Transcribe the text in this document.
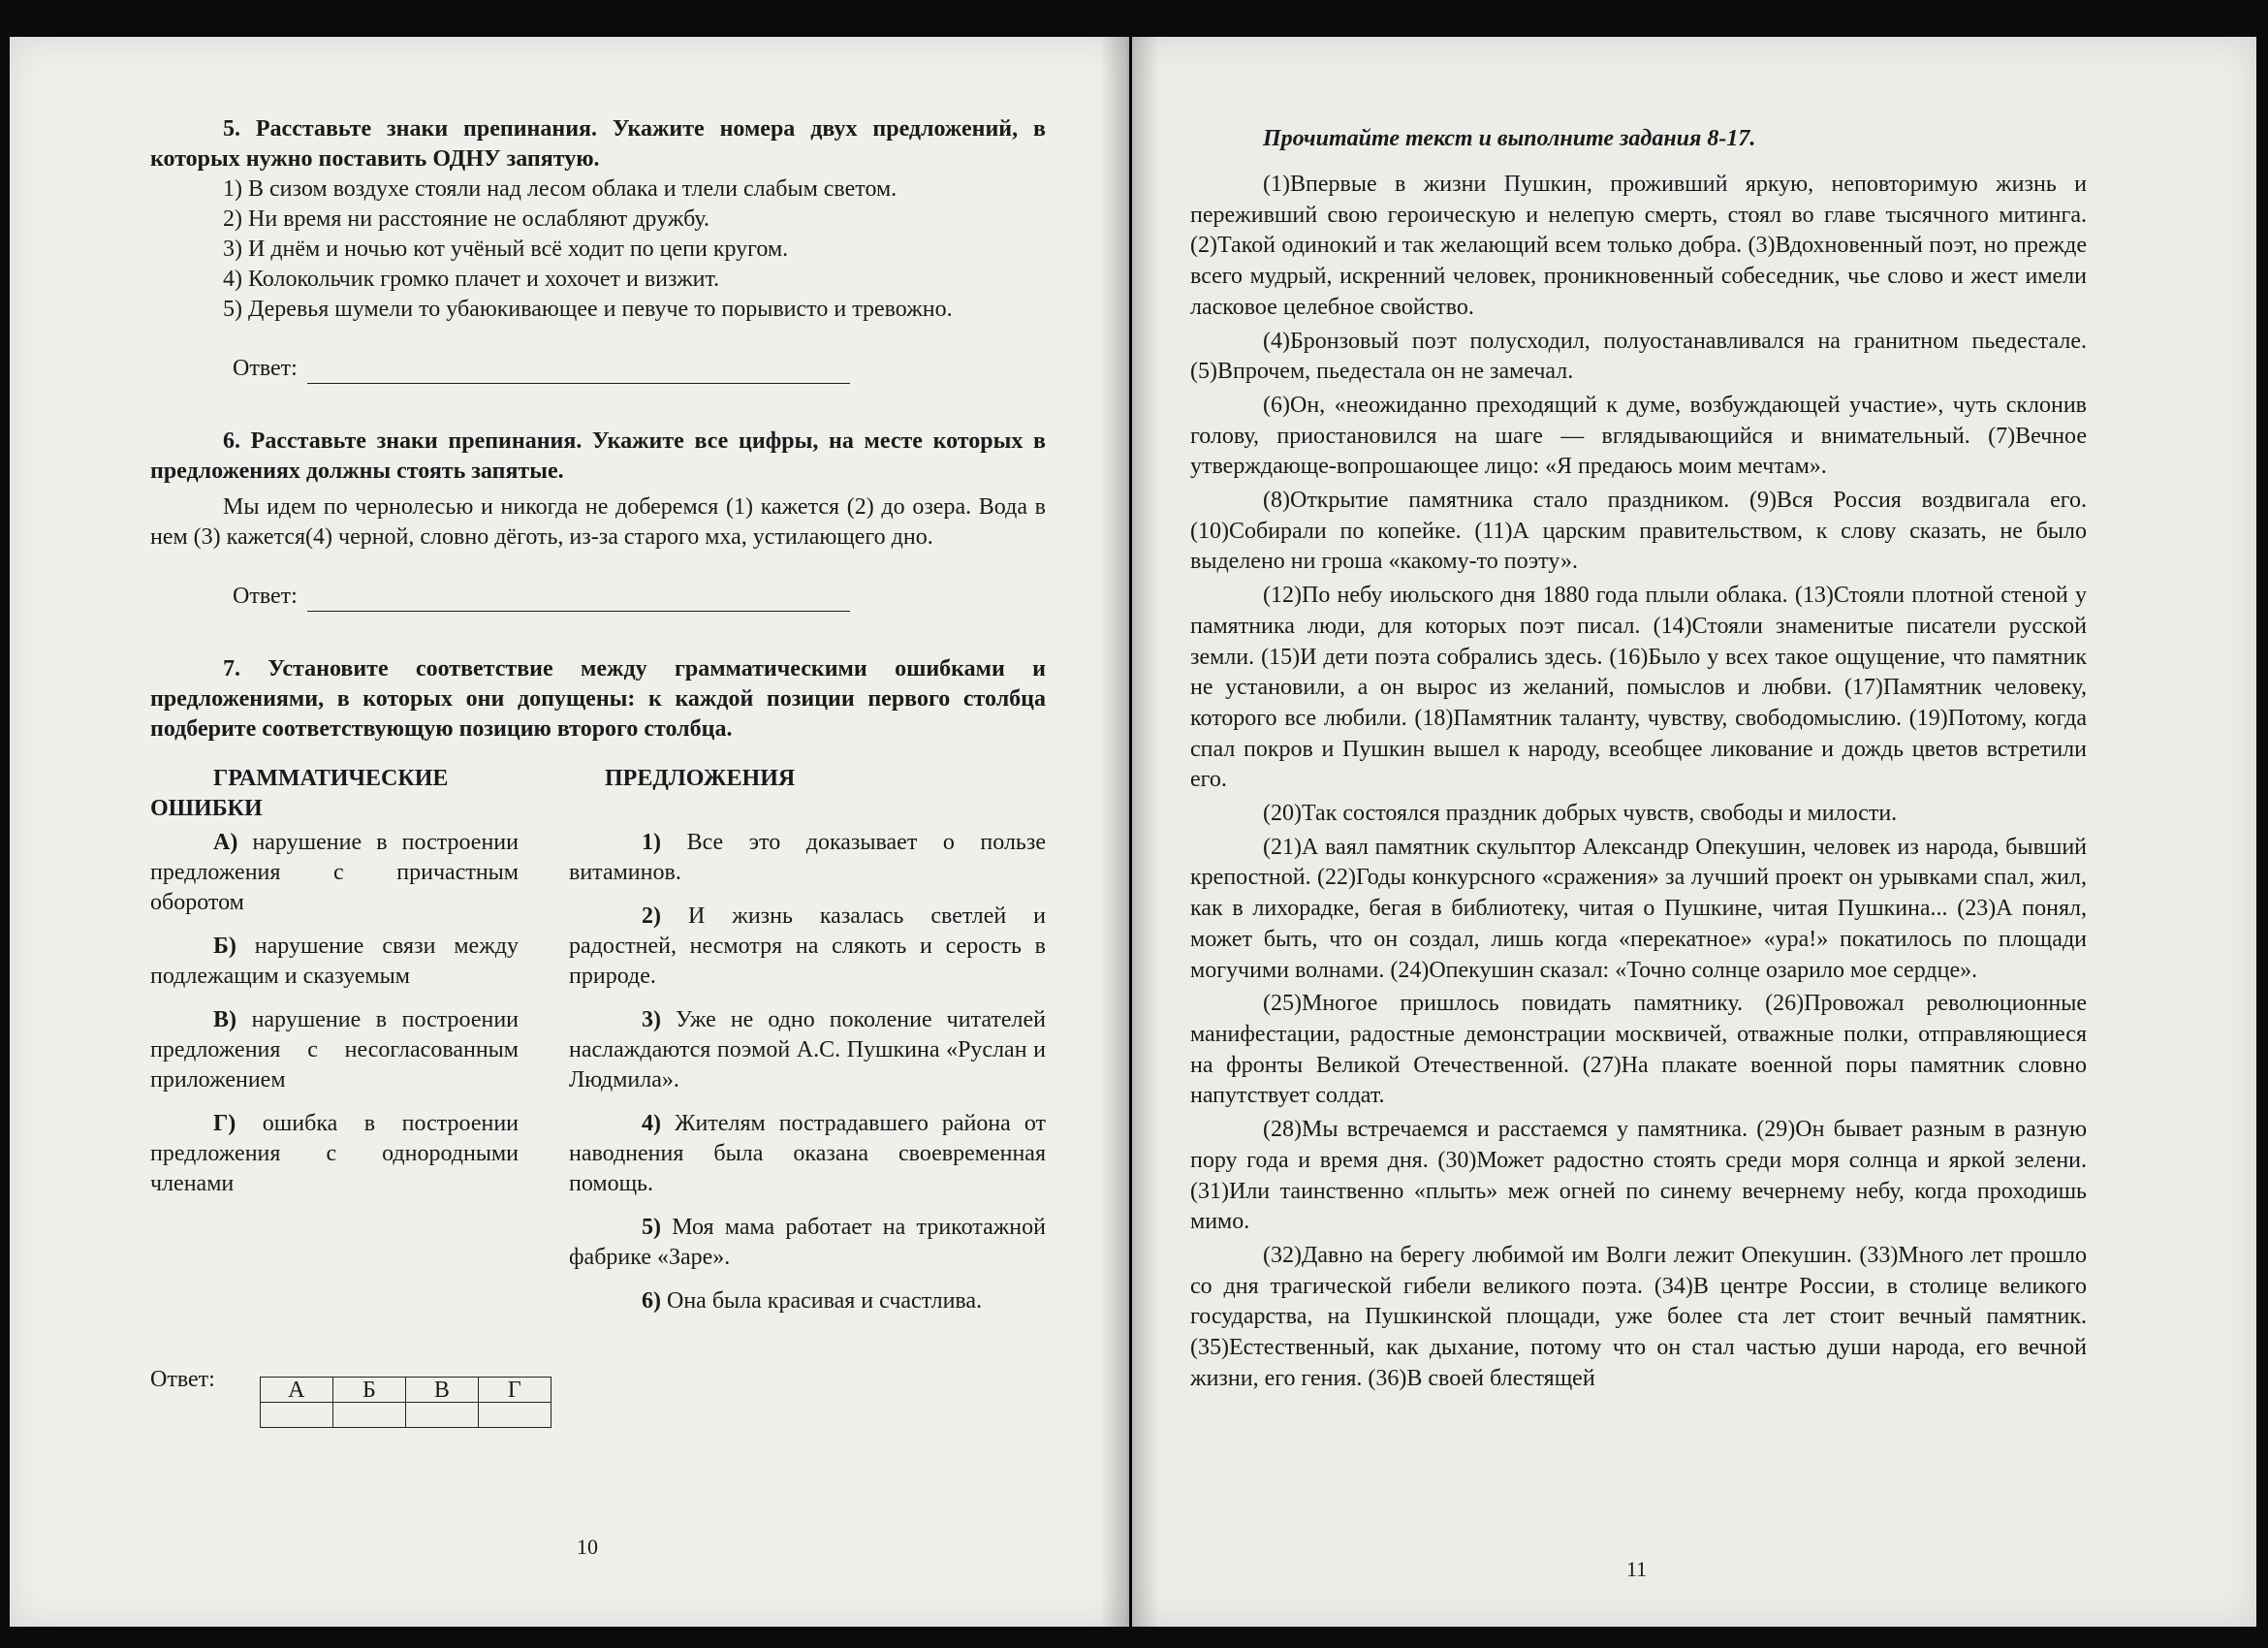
5. Расставьте знаки препинания. Укажите номера двух предложений, в которых нужно поставить ОДНУ запятую.

1) В сизом воздухе стояли над лесом облака и тлели слабым светом.

2) Ни время ни расстояние не ослабляют дружбу.

3) И днём и ночью кот учёный всё ходит по цепи кругом.

4) Колокольчик громко плачет и хохочет и визжит.

5) Деревья шумели то убаюкивающее и певуче то порывисто и тревожно.

Ответ:

6. Расставьте знаки препинания. Укажите все цифры, на месте которых в предложениях должны стоять запятые.

Мы идем по чернолесью и никогда не доберемся (1) кажется (2) до озера. Вода в нем (3) кажется(4) черной, словно дёготь, из-за старого мха, устилающего дно.

Ответ:

7. Установите соответствие между грамматическими ошибками и предложениями, в которых они допущены: к каждой позиции первого столбца подберите соответствующую позицию второго столбца.

ГРАММАТИЧЕСКИЕ ОШИБКИ

А) нарушение в построении предложения с причастным оборотом

Б) нарушение связи между подлежащим и сказуемым

В) нарушение в построении предложения с несогласованным приложением

Г) ошибка в построении предложения с однородными членами

ПРЕДЛОЖЕНИЯ

1) Все это доказывает о пользе витаминов.

2) И жизнь казалась светлей и радостней, несмотря на слякоть и серость в природе.

3) Уже не одно поколение читателей наслаждаются поэмой А.С. Пушкина «Руслан и Людмила».

4) Жителям пострадавшего района от наводнения была оказана своевременная помощь.

5) Моя мама работает на трикотажной фабрике «Заре».

6) Она была красивая и счастлива.

Ответ:	А	Б	В	Г

10

Прочитайте текст и выполните задания 8-17.

(1)Впервые в жизни Пушкин, проживший яркую, неповторимую жизнь и переживший свою героическую и нелепую смерть, стоял во главе тысячного митинга. (2)Такой одинокий и так желающий всем только добра. (3)Вдохновенный поэт, но прежде всего мудрый, искренний человек, проникновенный собеседник, чье слово и жест имели ласковое целебное свойство.

(4)Бронзовый поэт полусходил, полуостанавливался на гранитном пьедестале. (5)Впрочем, пьедестала он не замечал.

(6)Он, «неожиданно преходящий к думе, возбуждающей участие», чуть склонив голову, приостановился на шаге — вглядывающийся и внимательный. (7)Вечное утверждающе-вопрошающее лицо: «Я предаюсь моим мечтам».

(8)Открытие памятника стало праздником. (9)Вся Россия воздвигала его. (10)Собирали по копейке. (11)А царским правительством, к слову сказать, не было выделено ни гроша «какому-то поэту».

(12)По небу июльского дня 1880 года плыли облака. (13)Стояли плотной стеной у памятника люди, для которых поэт писал. (14)Стояли знаменитые писатели русской земли. (15)И дети поэта собрались здесь. (16)Было у всех такое ощущение, что памятник не установили, а он вырос из желаний, помыслов и любви. (17)Памятник человеку, которого все любили. (18)Памятник таланту, чувству, свободомыслию. (19)Потому, когда спал покров и Пушкин вышел к народу, всеобщее ликование и дождь цветов встретили его.

(20)Так состоялся праздник добрых чувств, свободы и милости.

(21)А ваял памятник скульптор Александр Опекушин, человек из народа, бывший крепостной. (22)Годы конкурсного «сражения» за лучший проект он урывками спал, жил, как в лихорадке, бегая в библиотеку, читая о Пушкине, читая Пушкина... (23)А понял, может быть, что он создал, лишь когда «перекатное» «ура!» покатилось по площади могучими волнами. (24)Опекушин сказал: «Точно солнце озарило мое сердце».

(25)Многое пришлось повидать памятнику. (26)Провожал революционные манифестации, радостные демонстрации москвичей, отважные полки, отправляющиеся на фронты Великой Отечественной. (27)На плакате военной поры памятник словно напутствует солдат.

(28)Мы встречаемся и расстаемся у памятника. (29)Он бывает разным в разную пору года и время дня. (30)Может радостно стоять среди моря солнца и яркой зелени. (31)Или таинственно «плыть» меж огней по синему вечернему небу, когда проходишь мимо.

(32)Давно на берегу любимой им Волги лежит Опекушин. (33)Много лет прошло со дня трагической гибели великого поэта. (34)В центре России, в столице великого государства, на Пушкинской площади, уже более ста лет стоит вечный памятник. (35)Естественный, как дыхание, потому что он стал частью души народа, его вечной жизни, его гения. (36)В своей блестящей

11
